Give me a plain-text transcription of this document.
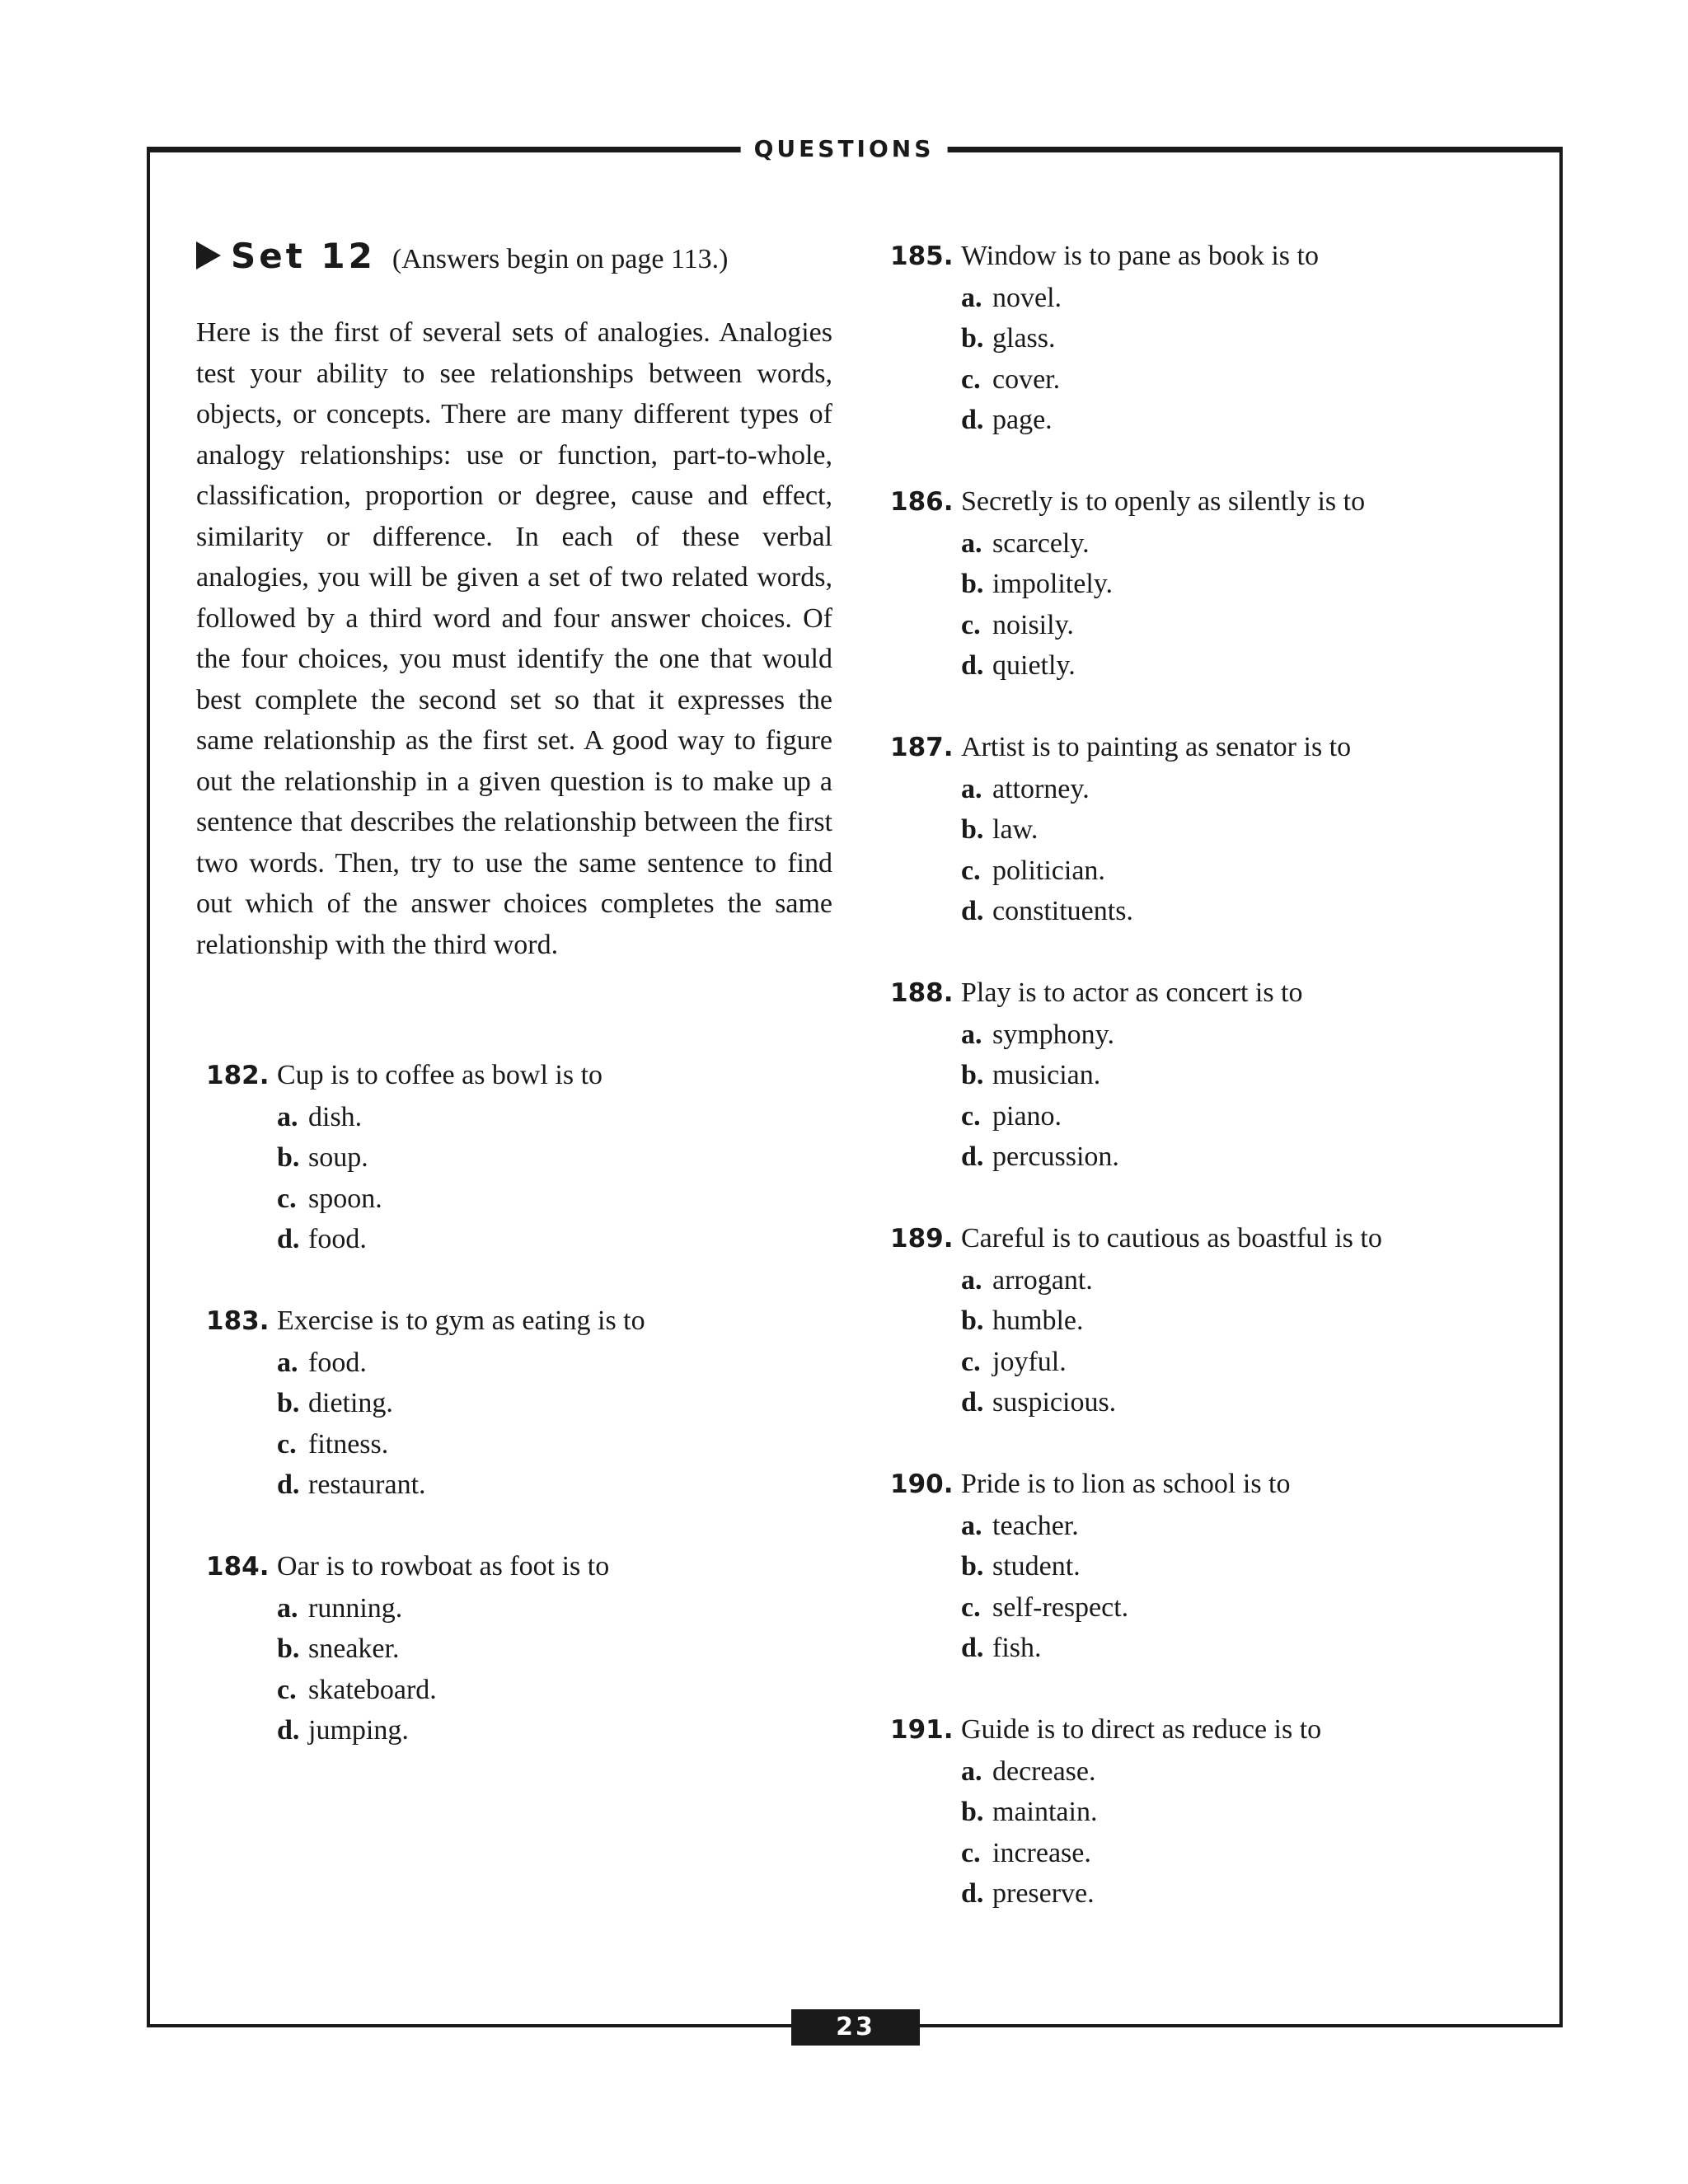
QUESTIONS
Set 12 (Answers begin on page 113.)

Here is the first of several sets of analogies. Analogies test your ability to see relationships between words, objects, or concepts. There are many different types of analogy relationships: use or function, part-to-whole, classification, proportion or degree, cause and effect, similarity or difference. In each of these verbal analogies, you will be given a set of two related words, followed by a third word and four answer choices. Of the four choices, you must identify the one that would best complete the second set so that it expresses the same relationship as the first set. A good way to figure out the relationship in a given question is to make up a sentence that describes the relationship between the first two words. Then, try to use the same sentence to find out which of the answer choices completes the same relationship with the third word.

182. Cup is to coffee as bowl is to
a. dish.
b. soup.
c. spoon.
d. food.
183. Exercise is to gym as eating is to
a. food.
b. dieting.
c. fitness.
d. restaurant.
184. Oar is to rowboat as foot is to
a. running.
b. sneaker.
c. skateboard.
d. jumping.
185. Window is to pane as book is to
a. novel.
b. glass.
c. cover.
d. page.
186. Secretly is to openly as silently is to
a. scarcely.
b. impolitely.
c. noisily.
d. quietly.
187. Artist is to painting as senator is to
a. attorney.
b. law.
c. politician.
d. constituents.
188. Play is to actor as concert is to
a. symphony.
b. musician.
c. piano.
d. percussion.
189. Careful is to cautious as boastful is to
a. arrogant.
b. humble.
c. joyful.
d. suspicious.
190. Pride is to lion as school is to
a. teacher.
b. student.
c. self-respect.
d. fish.
191. Guide is to direct as reduce is to
a. decrease.
b. maintain.
c. increase.
d. preserve.
23
